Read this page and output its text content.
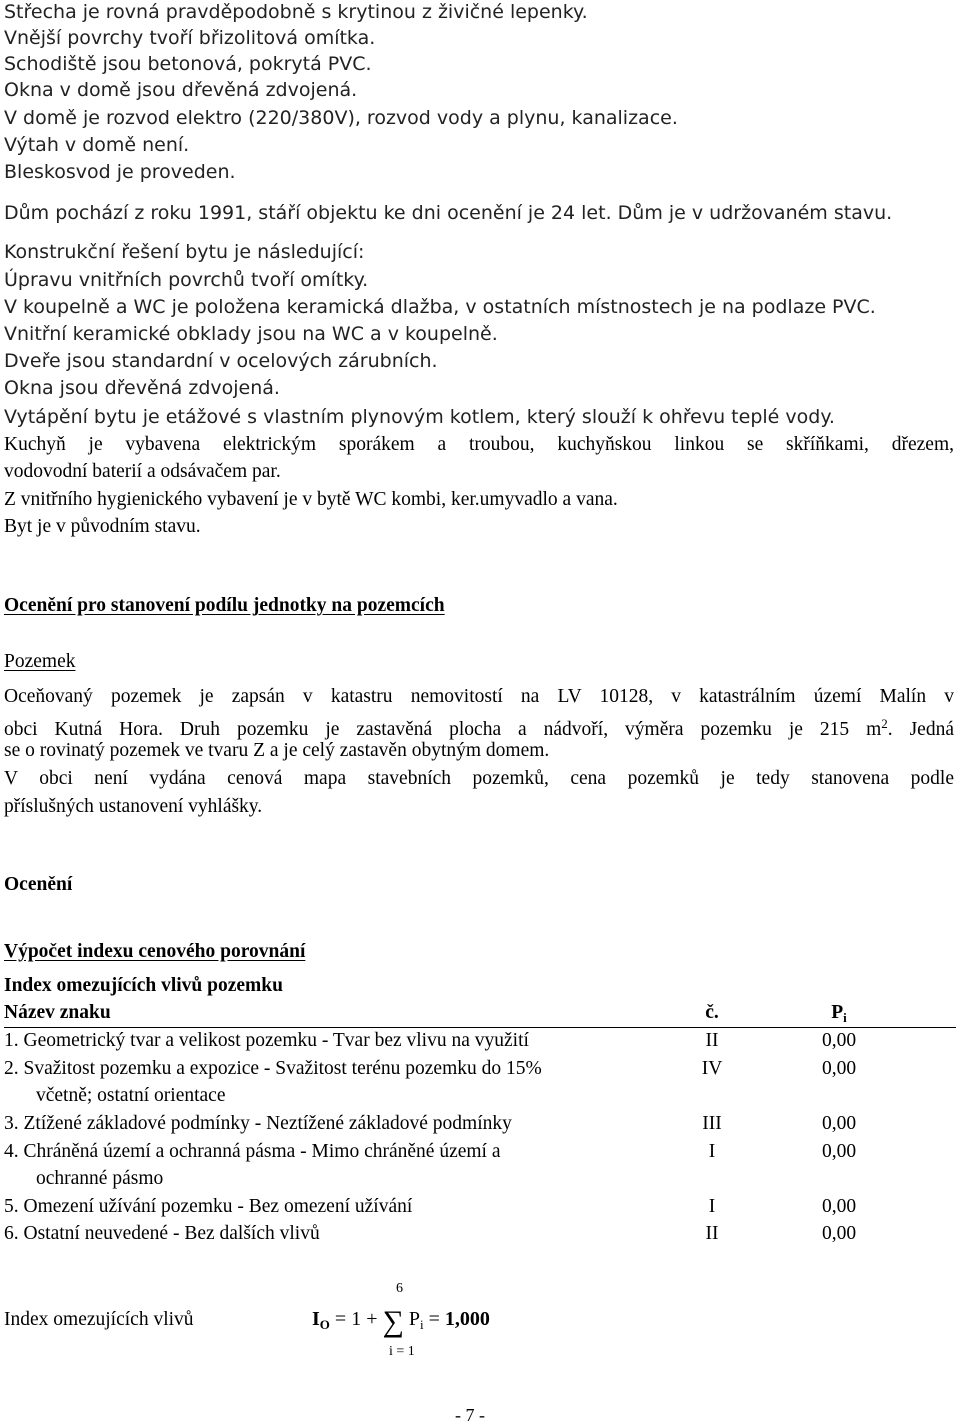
Střecha je rovná pravděpodobně s krytinou z živičné lepenky.
Vnější povrchy tvoří břizolitová omítka.
Schodiště jsou betonová, pokrytá PVC.
Okna v domě jsou dřevěná zdvojená.
V domě je rozvod elektro (220/380V), rozvod vody a plynu, kanalizace.
Výtah v domě není.
Bleskosvod je proveden.
Dům pochází z roku 1991, stáří objektu ke dni ocenění je 24 let. Dům je v udržovaném stavu.
Konstrukční řešení bytu je následující:
Úpravu vnitřních povrchů tvoří omítky.
V koupelně a WC je položena keramická dlažba, v ostatních místnostech je na podlaze PVC.
Vnitřní keramické obklady jsou na WC a v koupelně.
Dveře jsou standardní v ocelových zárubních.
Okna jsou dřevěná zdvojená.
Vytápění bytu je etážové s vlastním plynovým kotlem, který slouží k ohřevu teplé vody.
Kuchyň je vybavena elektrickým sporákem a troubou, kuchyňskou linkou se skříňkami, dřezem,
vodovodní baterií a odsávačem par.
Z vnitřního hygienického vybavení je v bytě WC kombi, ker.umyvadlo a vana.
Byt je v původním stavu.
Ocenění pro stanovení podílu jednotky na pozemcích
Pozemek
Oceňovaný pozemek je zapsán v katastru nemovitostí na LV 10128, v katastrálním území Malín v
obci Kutná Hora. Druh pozemku je zastavěná plocha a nádvoří, výměra pozemku je 215 $m^2$. Jedná
se o rovinatý pozemek ve tvaru Z a je celý zastavěn obytným domem.
V obci není vydána cenová mapa stavebních pozemků, cena pozemků je tedy stanovena podle
příslušných ustanovení vyhlášky.
Ocenění
Výpočet indexu cenového porovnání
Index omezujících vlivů pozemku
Název znaku	č.	$P_i$
1. Geometrický tvar a velikost pozemku - Tvar bez vlivu na využití	II	0,00
2. Svažitost pozemku a expozice - Svažitost terénu pozemku do 15%	IV	0,00
včetně; ostatní orientace
3. Ztížené základové podmínky - Neztížené základové podmínky	III	0,00
4. Chráněná území a ochranná pásma - Mimo chráněné území a	I	0,00
ochranné pásmo
5. Omezení užívání pozemku - Bez omezení užívání	I	0,00
6. Ostatní neuvedené - Bez dalších vlivů	II	0,00
Index omezujících vlivů
6
i = 1
$I_O = 1$ + ∑ $P_i = 1,000$
- 7 -
